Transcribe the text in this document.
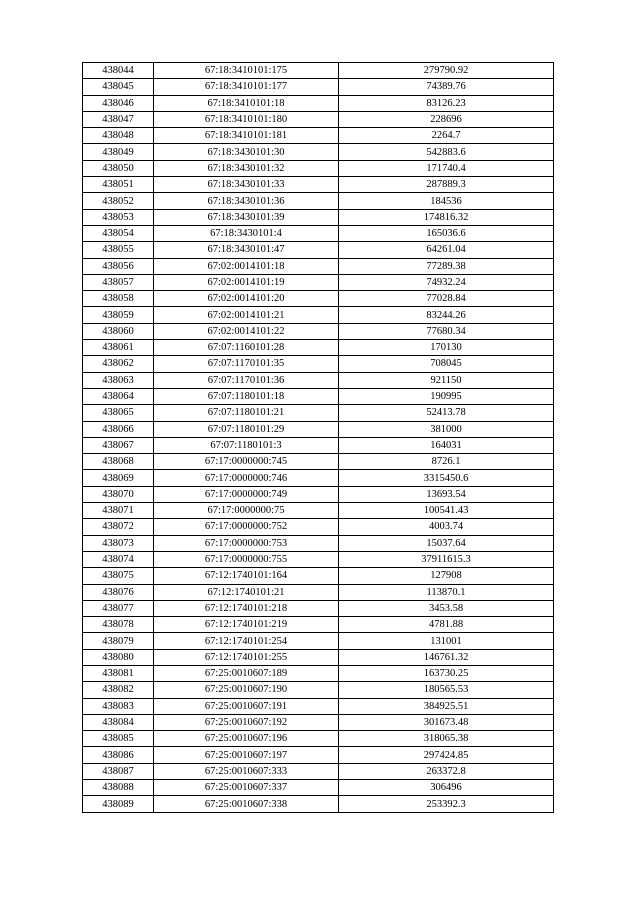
438044	67:18:3410101:175	279790.92
438045	67:18:3410101:177	74389.76
438046	67:18:3410101:18	83126.23
438047	67:18:3410101:180	228696
438048	67:18:3410101:181	2264.7
438049	67:18:3430101:30	542883.6
438050	67:18:3430101:32	171740.4
438051	67:18:3430101:33	287889.3
438052	67:18:3430101:36	184536
438053	67:18:3430101:39	174816.32
438054	67:18:3430101:4	165036.6
438055	67:18:3430101:47	64261.04
438056	67:02:0014101:18	77289.38
438057	67:02:0014101:19	74932.24
438058	67:02:0014101:20	77028.84
438059	67:02:0014101:21	83244.26
438060	67:02:0014101:22	77680.34
438061	67:07:1160101:28	170130
438062	67:07:1170101:35	708045
438063	67:07:1170101:36	921150
438064	67:07:1180101:18	190995
438065	67:07:1180101:21	52413.78
438066	67:07:1180101:29	381000
438067	67:07:1180101:3	164031
438068	67:17:0000000:745	8726.1
438069	67:17:0000000:746	3315450.6
438070	67:17:0000000:749	13693.54
438071	67:17:0000000:75	100541.43
438072	67:17:0000000:752	4003.74
438073	67:17:0000000:753	15037.64
438074	67:17:0000000:755	37911615.3
438075	67:12:1740101:164	127908
438076	67:12:1740101:21	113870.1
438077	67:12:1740101:218	3453.58
438078	67:12:1740101:219	4781.88
438079	67:12:1740101:254	131001
438080	67:12:1740101:255	146761.32
438081	67:25:0010607:189	163730.25
438082	67:25:0010607:190	180565.53
438083	67:25:0010607:191	384925.51
438084	67:25:0010607:192	301673.48
438085	67:25:0010607:196	318065.38
438086	67:25:0010607:197	297424.85
438087	67:25:0010607:333	263372.8
438088	67:25:0010607:337	306496
438089	67:25:0010607:338	253392.3
